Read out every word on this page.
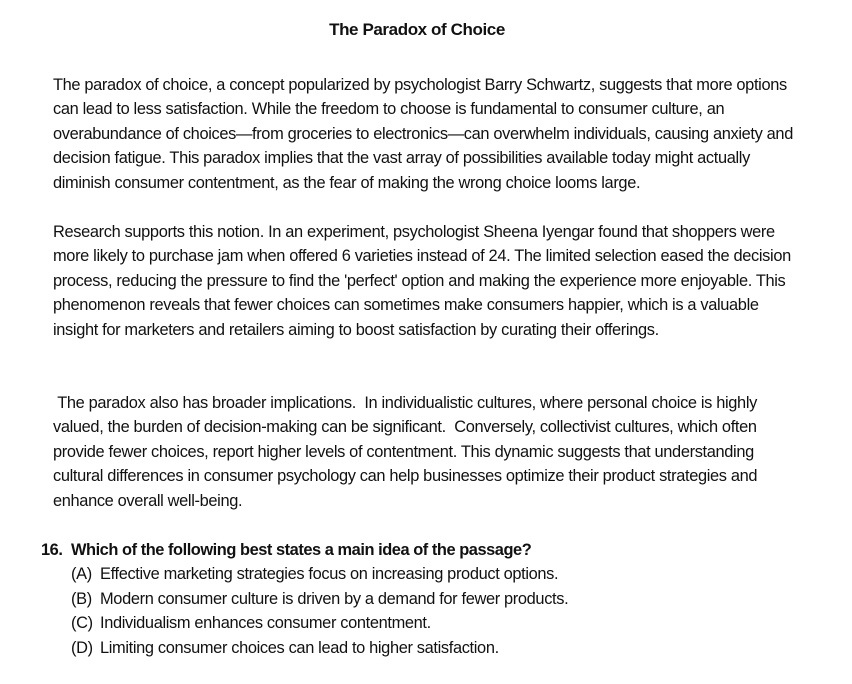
The Paradox of Choice

The paradox of choice, a concept popularized by psychologist Barry Schwartz, suggests that more options can lead to less satisfaction. While the freedom to choose is fundamental to consumer culture, an overabundance of choices—from groceries to electronics—can overwhelm individuals, causing anxiety and decision fatigue. This paradox implies that the vast array of possibilities available today might actually diminish consumer contentment, as the fear of making the wrong choice looms large.

Research supports this notion. In an experiment, psychologist Sheena Iyengar found that shoppers were more likely to purchase jam when offered 6 varieties instead of 24. The limited selection eased the decision process, reducing the pressure to find the 'perfect' option and making the experience more enjoyable. This phenomenon reveals that fewer choices can sometimes make consumers happier, which is a valuable insight for marketers and retailers aiming to boost satisfaction by curating their offerings.

The paradox also has broader implications.  In individualistic cultures, where personal choice is highly valued, the burden of decision-making can be significant.  Conversely, collectivist cultures, which often provide fewer choices, report higher levels of contentment. This dynamic suggests that understanding cultural differences in consumer psychology can help businesses optimize their product strategies and enhance overall well-being.

16. Which of the following best states a main idea of the passage?
(A) Effective marketing strategies focus on increasing product options.
(B) Modern consumer culture is driven by a demand for fewer products.
(C) Individualism enhances consumer contentment.
(D) Limiting consumer choices can lead to higher satisfaction.
